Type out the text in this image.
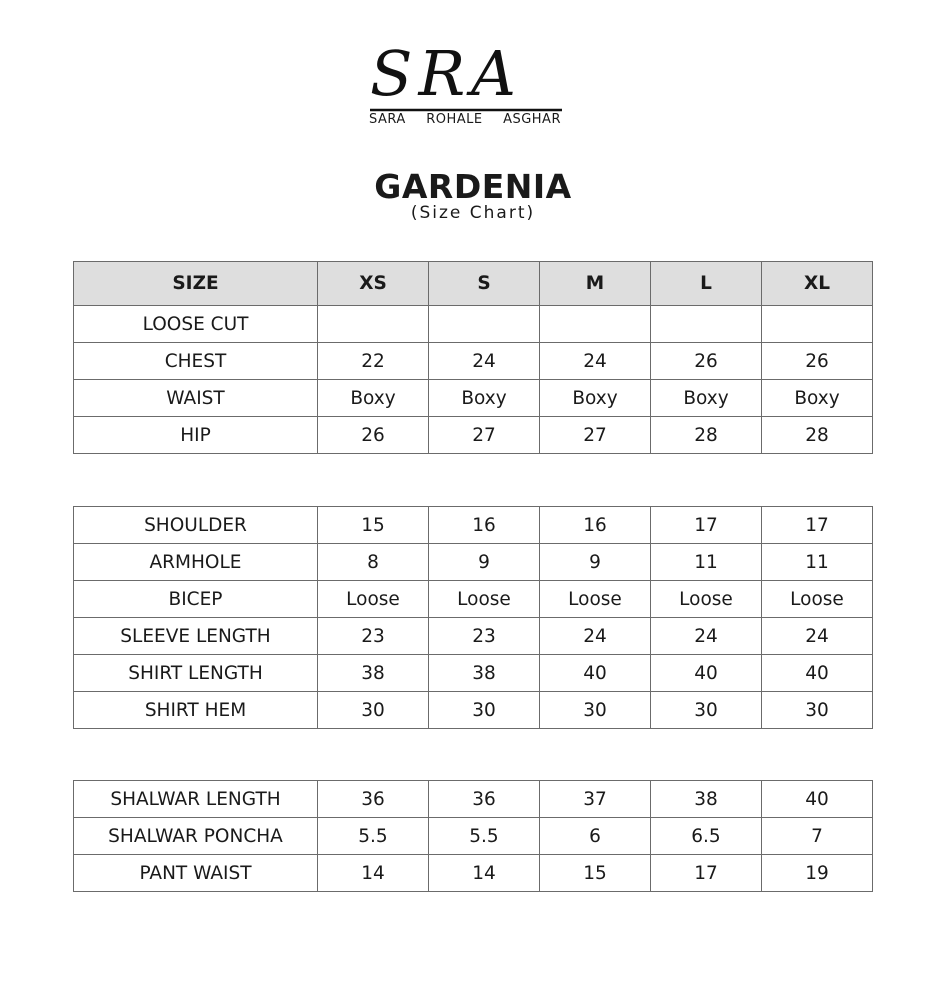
SRA
SARA ROHALE ASGHAR
GARDENIA
(Size Chart)
SIZE	XS	S	M	L	XL
LOOSE CUT					
CHEST	22	24	24	26	26
WAIST	Boxy	Boxy	Boxy	Boxy	Boxy
HIP	26	27	27	28	28
SHOULDER	15	16	16	17	17
ARMHOLE	8	9	9	11	11
BICEP	Loose	Loose	Loose	Loose	Loose
SLEEVE LENGTH	23	23	24	24	24
SHIRT LENGTH	38	38	40	40	40
SHIRT HEM	30	30	30	30	30
SHALWAR LENGTH	36	36	37	38	40
SHALWAR PONCHA	5.5	5.5	6	6.5	7
PANT WAIST	14	14	15	17	19
